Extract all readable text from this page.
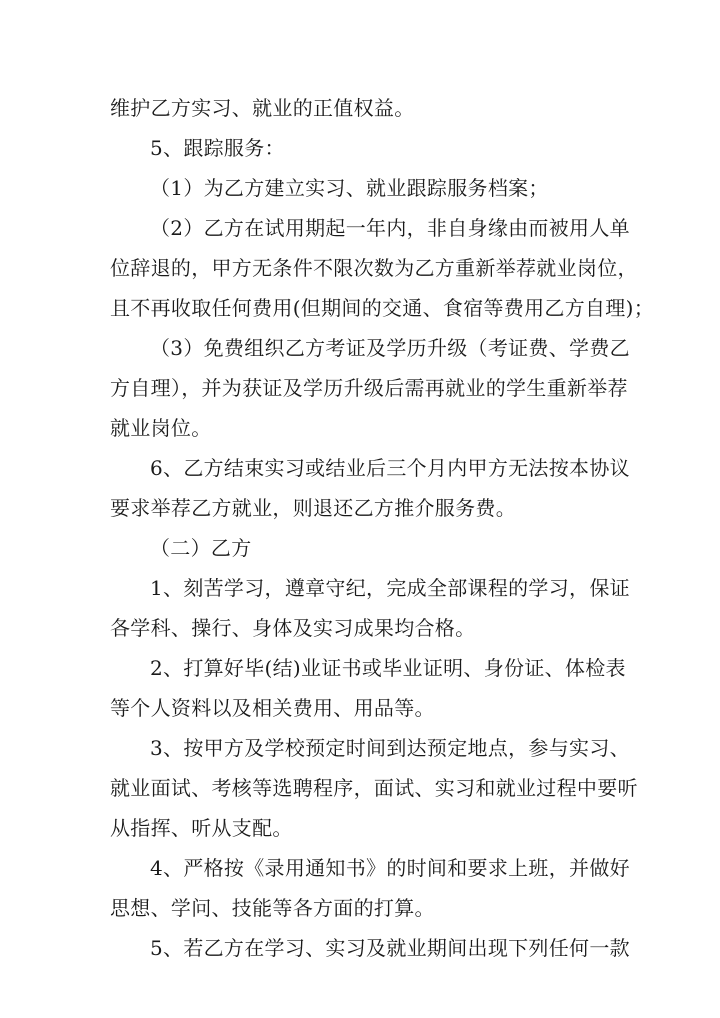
维护乙方实习、就业的正值权益。
5、跟踪服务：
（1）为乙方建立实习、就业跟踪服务档案；
（2）乙方在试用期起一年内，非自身缘由而被用人单
位辞退的，甲方无条件不限次数为乙方重新举荐就业岗位，
且不再收取任何费用(但期间的交通、食宿等费用乙方自理)；
（3）免费组织乙方考证及学历升级（考证费、学费乙
方自理），并为获证及学历升级后需再就业的学生重新举荐
就业岗位。
6、乙方结束实习或结业后三个月内甲方无法按本协议
要求举荐乙方就业，则退还乙方推介服务费。
（二）乙方
1、刻苦学习，遵章守纪，完成全部课程的学习，保证
各学科、操行、身体及实习成果均合格。
2、打算好毕(结)业证书或毕业证明、身份证、体检表
等个人资料以及相关费用、用品等。
3、按甲方及学校预定时间到达预定地点，参与实习、
就业面试、考核等选聘程序，面试、实习和就业过程中要听
从指挥、听从支配。
4、严格按《录用通知书》的时间和要求上班，并做好
思想、学问、技能等各方面的打算。
5、若乙方在学习、实习及就业期间出现下列任何一款
